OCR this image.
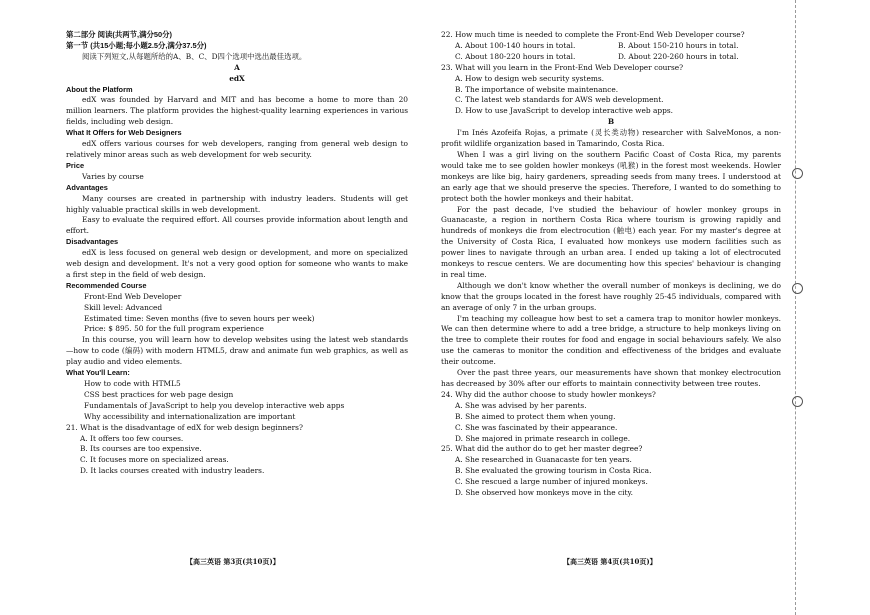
第二部分 阅读(共两节,满分50分)

第一节 (共15小题;每小题2.5分,满分37.5分)

阅读下列短文,从每题所给的A、B、C、D四个选项中选出最佳选项。

A

edX

About the Platform

edX was founded by Harvard and MIT and has become a home to more than 20 million learners. The platform provides the highest-quality learning experiences in various fields, including web design.

What It Offers for Web Designers

edX offers various courses for web developers, ranging from general web design to relatively minor areas such as web development for web security.

Price

Varies by course

Advantages

Many courses are created in partnership with industry leaders. Students will get highly valuable practical skills in web development.

Easy to evaluate the required effort. All courses provide information about length and effort.

Disadvantages

edX is less focused on general web design or development, and more on specialized web design and development. It's not a very good option for someone who wants to make a first step in the field of web design.

Recommended Course

Front-End Web Developer

Skill level: Advanced

Estimated time: Seven months (five to seven hours per week)

Price: $ 895. 50 for the full program experience

In this course, you will learn how to develop websites using the latest web standards—how to code (编码) with modern HTML5, draw and animate fun web graphics, as well as play audio and video elements.

What You'll Learn:

How to code with HTML5

CSS best practices for web page design

Fundamentals of JavaScript to help you develop interactive web apps

Why accessibility and internationalization are important

21. What is the disadvantage of edX for web design beginners?

A. It offers too few courses.

B. Its courses are too expensive.

C. It focuses more on specialized areas.

D. It lacks courses created with industry leaders.

22. How much time is needed to complete the Front-End Web Developer course?

A. About 100-140 hours in total.	B. About 150-210 hours in total.
C. About 180-220 hours in total.	D. About 220-260 hours in total.

23. What will you learn in the Front-End Web Developer course?

A. How to design web security systems.

B. The importance of website maintenance.

C. The latest web standards for AWS web development.

D. How to use JavaScript to develop interactive web apps.

B

I'm Inés Azofeifa Rojas, a primate (灵长类动物) researcher with SalveMonos, a non-profit wildlife organization based in Tamarindo, Costa Rica.

When I was a girl living on the southern Pacific Coast of Costa Rica, my parents would take me to see golden howler monkeys (吼猴) in the forest most weekends. Howler monkeys are like big, hairy gardeners, spreading seeds from many trees. I understood at an early age that we should preserve the species. Therefore, I wanted to do something to protect both the howler monkeys and their habitat.

For the past decade, I've studied the behaviour of howler monkey groups in Guanacaste, a region in northern Costa Rica where tourism is growing rapidly and hundreds of monkeys die from electrocution (触电) each year. For my master's degree at the University of Costa Rica, I evaluated how monkeys use modern facilities such as power lines to navigate through an urban area. I ended up taking a lot of electrocuted monkeys to rescue centers. We are documenting how this species' behaviour is changing in real time.

Although we don't know whether the overall number of monkeys is declining, we do know that the groups located in the forest have roughly 25-45 individuals, compared with an average of only 7 in the urban groups.

I'm teaching my colleague how best to set a camera trap to monitor howler monkeys. We can then determine where to add a tree bridge, a structure to help monkeys living on the tree to complete their routes for food and engage in social behaviours safely. We also use the cameras to monitor the condition and effectiveness of the bridges and evaluate their outcome.

Over the past three years, our measurements have shown that monkey electrocution has decreased by 30% after our efforts to maintain connectivity between tree routes.

24. Why did the author choose to study howler monkeys?

A. She was advised by her parents.

B. She aimed to protect them when young.

C. She was fascinated by their appearance.

D. She majored in primate research in college.

25. What did the author do to get her master degree?

A. She researched in Guanacaste for ten years.

B. She evaluated the growing tourism in Costa Rica.

C. She rescued a large number of injured monkeys.

D. She observed how monkeys move in the city.

【高三英语 第3页(共10页)】	【高三英语 第4页(共10页)】
